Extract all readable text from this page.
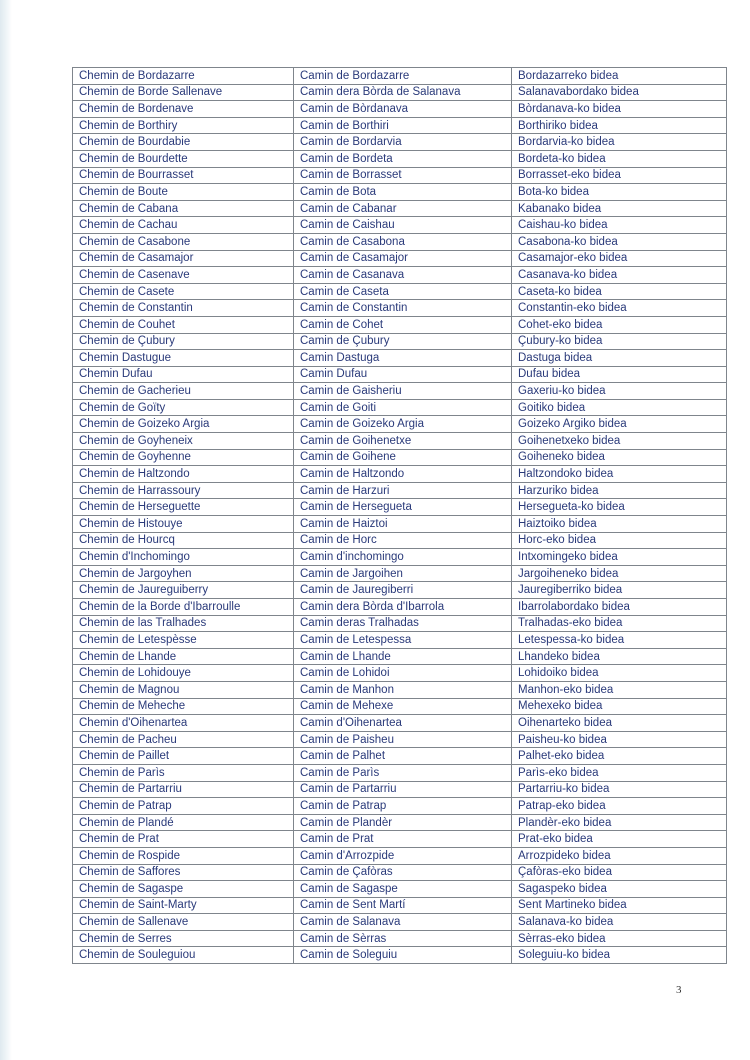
Chemin de Bordazarre	Camin de Bordazarre	Bordazarreko bidea
Chemin de Borde Sallenave	Camin dera Bòrda de Salanava	Salanavabordako bidea
Chemin de Bordenave	Camin de Bòrdanava	Bòrdanava-ko bidea
Chemin de Borthiry	Camin de Borthiri	Borthiriko bidea
Chemin de Bourdabie	Camin de Bordarvia	Bordarvia-ko bidea
Chemin de Bourdette	Camin de Bordeta	Bordeta-ko bidea
Chemin de Bourrasset	Camin de Borrasset	Borrasset-eko bidea
Chemin de Boute	Camin de Bota	Bota-ko bidea
Chemin de Cabana	Camin de Cabanar	Kabanako bidea
Chemin de Cachau	Camin de Caishau	Caishau-ko bidea
Chemin de Casabone	Camin de Casabona	Casabona-ko bidea
Chemin de Casamajor	Camin de Casamajor	Casamajor-eko bidea
Chemin de Casenave	Camin de Casanava	Casanava-ko bidea
Chemin de Casete	Camin de Caseta	Caseta-ko bidea
Chemin de Constantin	Camin de Constantin	Constantin-eko bidea
Chemin de Couhet	Camin de Cohet	Cohet-eko bidea
Chemin de Çubury	Camin de Çubury	Çubury-ko bidea
Chemin Dastugue	Camin Dastuga	Dastuga bidea
Chemin Dufau	Camin Dufau	Dufau bidea
Chemin de Gacherieu	Camin de Gaisheriu	Gaxeriu-ko bidea
Chemin de Goïty	Camin de Goiti	Goitiko bidea
Chemin de Goizeko Argia	Camin de Goizeko Argia	Goizeko Argiko bidea
Chemin de Goyheneix	Camin de Goihenetxe	Goihenetxeko bidea
Chemin de Goyhenne	Camin de Goihene	Goiheneko bidea
Chemin de Haltzondo	Camin de Haltzondo	Haltzondoko bidea
Chemin de Harrassoury	Camin de Harzuri	Harzuriko bidea
Chemin de Herseguette	Camin de Hersegueta	Hersegueta-ko bidea
Chemin de Histouye	Camin de Haiztoi	Haiztoiko bidea
Chemin de Hourcq	Camin de Horc	Horc-eko bidea
Chemin d'Inchomingo	Camin d'inchomingo	Intxomingeko bidea
Chemin de Jargoyhen	Camin de Jargoihen	Jargoiheneko bidea
Chemin de Jaureguiberry	Camin de Jauregiberri	Jauregiberriko bidea
Chemin de la Borde d'Ibarroulle	Camin dera Bòrda d'Ibarrola	Ibarrolabordako bidea
Chemin de las Tralhades	Camin deras Tralhadas	Tralhadas-eko bidea
Chemin de Letespèsse	Camin de Letespessa	Letespessa-ko bidea
Chemin de Lhande	Camin de Lhande	Lhandeko bidea
Chemin de Lohidouye	Camin de Lohidoi	Lohidoiko bidea
Chemin de Magnou	Camin de Manhon	Manhon-eko bidea
Chemin de Meheche	Camin de Mehexe	Mehexeko bidea
Chemin d'Oihenartea	Camin d'Oihenartea	Oihenarteko bidea
Chemin de Pacheu	Camin de Paisheu	Paisheu-ko bidea
Chemin de Paillet	Camin de Palhet	Palhet-eko bidea
Chemin de Parìs	Camin de Parìs	Parìs-eko bidea
Chemin de Partarriu	Camin de Partarriu	Partarriu-ko bidea
Chemin de Patrap	Camin de Patrap	Patrap-eko bidea
Chemin de Plandé	Camin de Plandèr	Plandèr-eko bidea
Chemin de Prat	Camin de Prat	Prat-eko bidea
Chemin de Rospide	Camin d'Arrozpide	Arrozpideko bidea
Chemin de Saffores	Camin de Çafòras	Çafòras-eko bidea
Chemin de Sagaspe	Camin de Sagaspe	Sagaspeko bidea
Chemin de Saint-Marty	Camin de Sent Martí	Sent Martineko bidea
Chemin de Sallenave	Camin de Salanava	Salanava-ko bidea
Chemin de Serres	Camin de Sèrras	Sèrras-eko bidea
Chemin de Souleguiou	Camin de Soleguiu	Soleguiu-ko bidea
3
